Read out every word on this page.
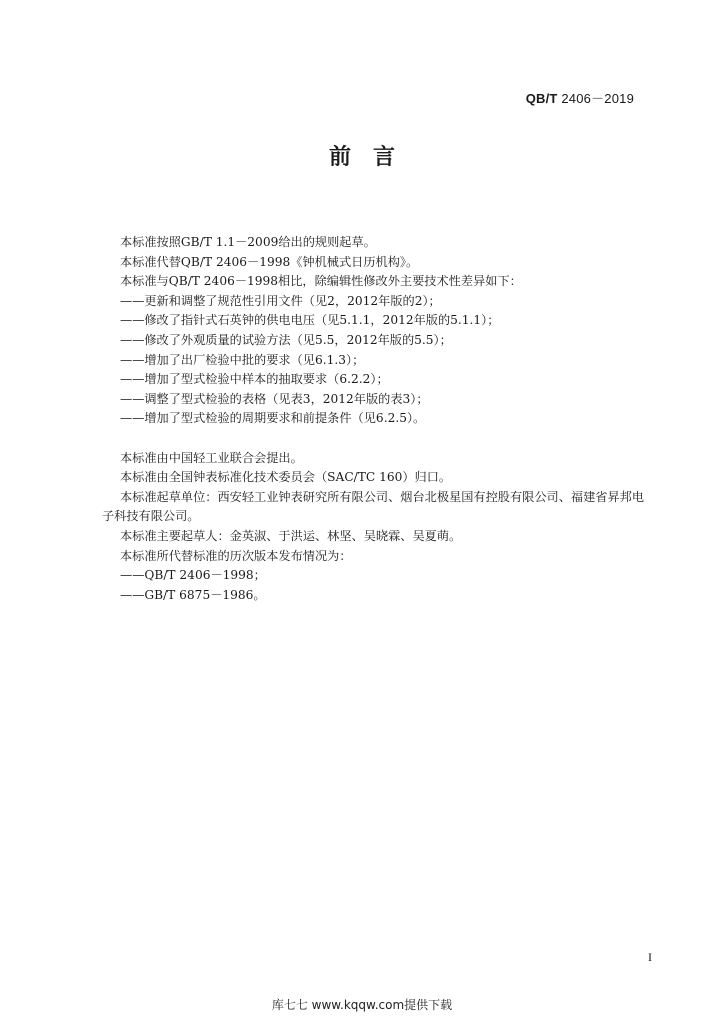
QB/T 2406－2019
前言

本标准按照GB/T 1.1－2009给出的规则起草。

本标准代替QB/T 2406－1998《钟机械式日历机构》。

本标准与QB/T 2406－1998相比，除编辑性修改外主要技术性差异如下：

——更新和调整了规范性引用文件（见2，2012年版的2）；

——修改了指针式石英钟的供电电压（见5.1.1，2012年版的5.1.1）；

——修改了外观质量的试验方法（见5.5，2012年版的5.5）；

——增加了出厂检验中批的要求（见6.1.3）；

——增加了型式检验中样本的抽取要求（6.2.2）；

——调整了型式检验的表格（见表3，2012年版的表3）；

——增加了型式检验的周期要求和前提条件（见6.2.5）。

本标准由中国轻工业联合会提出。

本标准由全国钟表标准化技术委员会（SAC/TC 160）归口。

本标准起草单位：西安轻工业钟表研究所有限公司、烟台北极星国有控股有限公司、福建省昇邦电子科技有限公司。

本标准主要起草人：金英淑、于洪运、林坚、吴晓霖、吴夏萌。

本标准所代替标准的历次版本发布情况为：

——QB/T 2406－1998；

——GB/T 6875－1986。

I
库七七 www.kqqw.com提供下载
